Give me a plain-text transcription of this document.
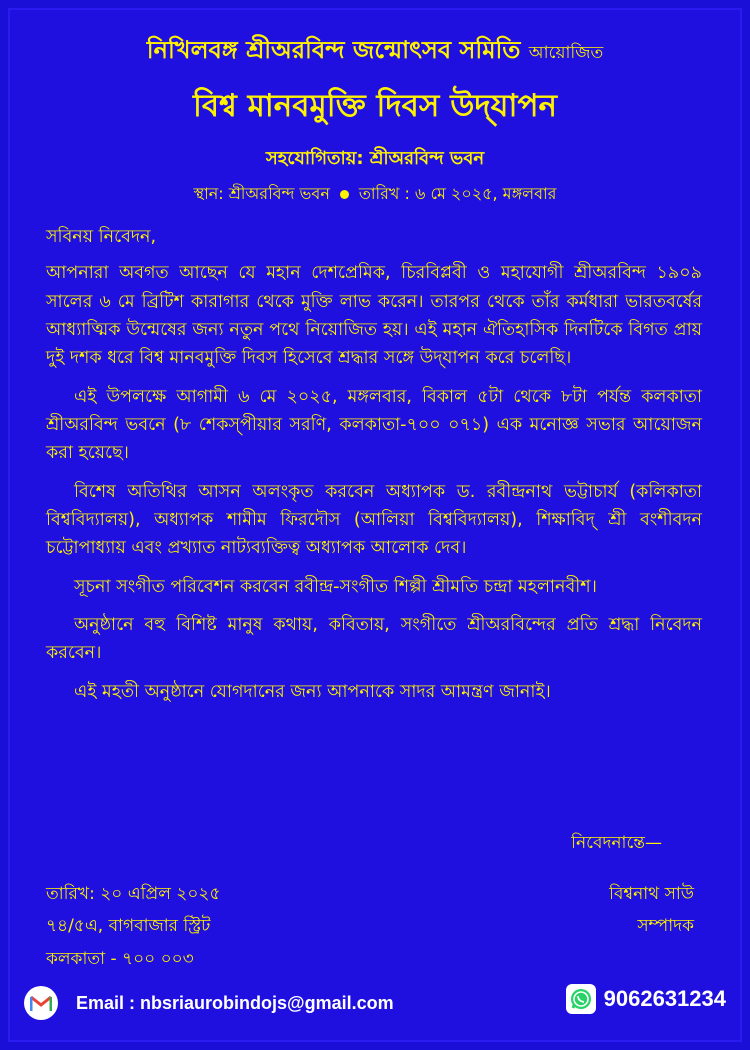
নিখিলবঙ্গ শ্রীঅরবিন্দ জন্মোৎসব সমিতি আয়োজিত
বিশ্ব মানবমুক্তি দিবস উদ্‌যাপন
সহযোগিতায়: শ্রীঅরবিন্দ ভবন
স্থান: শ্রীঅরবিন্দ ভবন তারিখ : ৬ মে ২০২৫, মঙ্গলবার
সবিনয় নিবেদন,

আপনারা অবগত আছেন যে মহান দেশপ্রেমিক, চিরবিপ্লবী ও মহাযোগী শ্রীঅরবিন্দ ১৯০৯ সালের ৬ মে ব্রিটিশ কারাগার থেকে মুক্তি লাভ করেন। তারপর থেকে তাঁর কর্মধারা ভারতবর্ষের আধ্যাত্মিক উন্মেষের জন্য নতুন পথে নিয়োজিত হয়। এই মহান ঐতিহাসিক দিনটিকে বিগত প্রায় দুই দশক ধরে বিশ্ব মানবমুক্তি দিবস হিসেবে শ্রদ্ধার সঙ্গে উদ্‌যাপন করে চলেছি।

এই উপলক্ষে আগামী ৬ মে ২০২৫, মঙ্গলবার, বিকাল ৫টা থেকে ৮টা পর্যন্ত কলকাতা শ্রীঅরবিন্দ ভবনে (৮ শেকস্‌পীয়ার সরণি, কলকাতা-৭০০ ০৭১) এক মনোজ্ঞ সভার আয়োজন করা হয়েছে।

বিশেষ অতিথির আসন অলংকৃত করবেন অধ্যাপক ড. রবীন্দ্রনাথ ভট্টাচার্য (কলিকাতা বিশ্ববিদ্যালয়), অধ্যাপক শামীম ফিরদৌস (আলিয়া বিশ্ববিদ্যালয়), শিক্ষাবিদ্‌ শ্রী বংশীবদন চট্টোপাধ্যায় এবং প্রখ্যাত নাট্যব্যক্তিত্ব অধ্যাপক আলোক দেব।

সূচনা সংগীত পরিবেশন করবেন রবীন্দ্র-সংগীত শিল্পী শ্রীমতি চন্দ্রা মহলানবীশ।

অনুষ্ঠানে বহু বিশিষ্ট মানুষ কথায়, কবিতায়, সংগীতে শ্রীঅরবিন্দের প্রতি শ্রদ্ধা নিবেদন করবেন।

এই মহতী অনুষ্ঠানে যোগদানের জন্য আপনাকে সাদর আমন্ত্রণ জানাই।

নিবেদনান্তে—
তারিখ: ২০ এপ্রিল ২০২৫
৭৪/৫এ, বাগবাজার স্ট্রিট
কলকাতা - ৭০০ ০০৩
বিশ্বনাথ সাউ
সম্পাদক
Email : nbsriaurobindojs@gmail.com	9062631234
